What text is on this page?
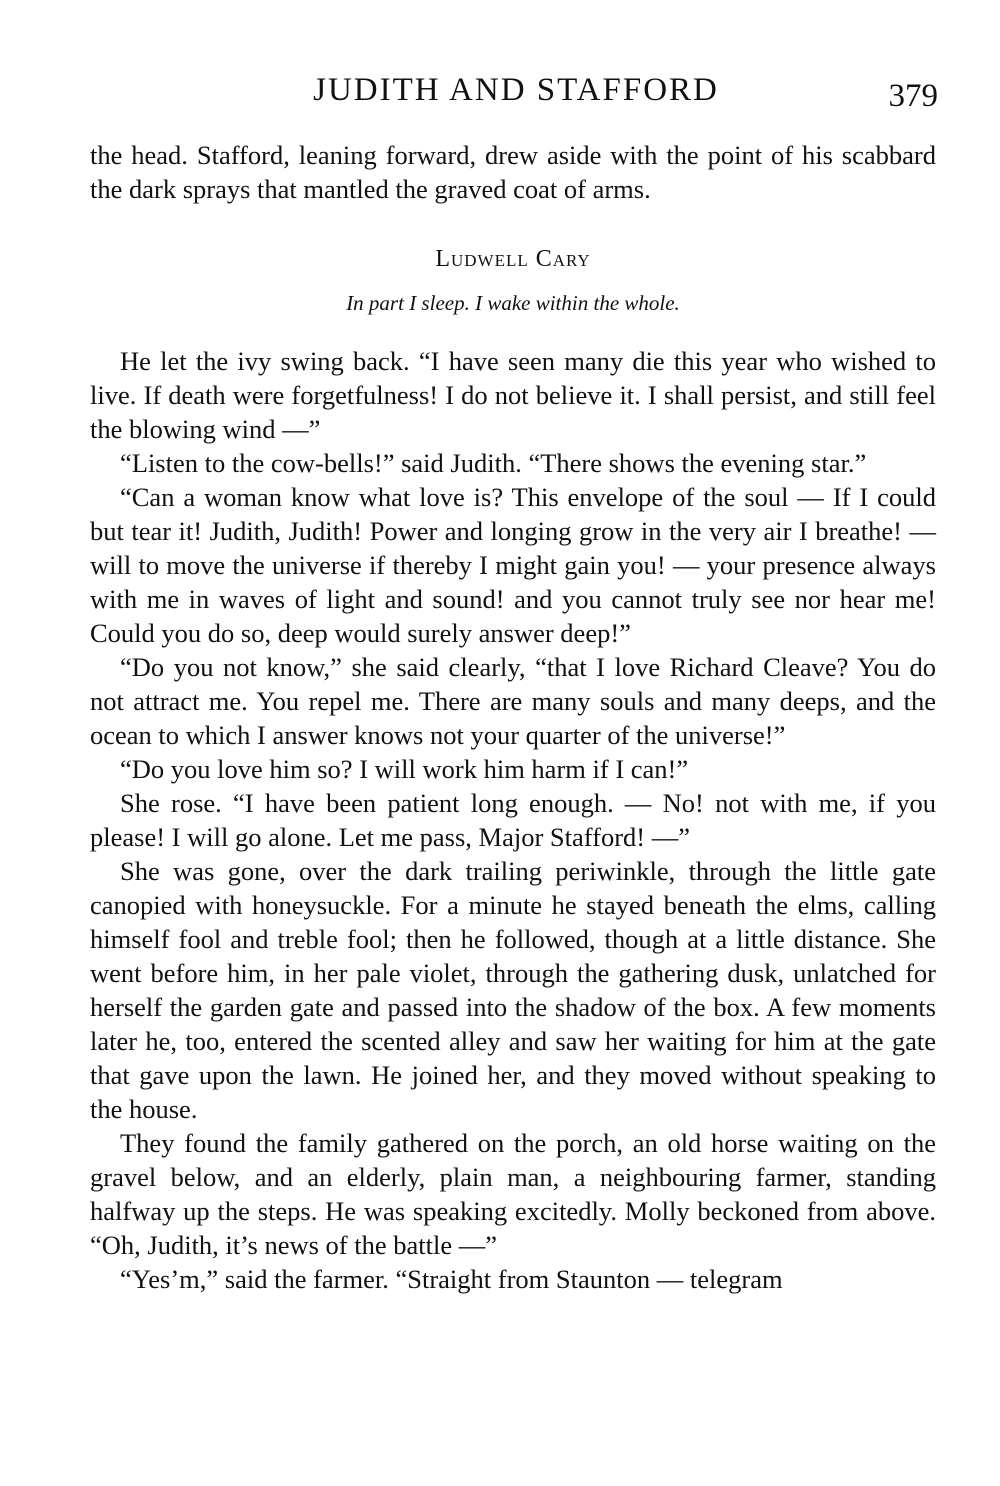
JUDITH AND STAFFORD	379

the head. Stafford, leaning forward, drew aside with the point of his scabbard the dark sprays that mantled the graved coat of arms.

Ludwell Cary
In part I sleep. I wake within the whole.

He let the ivy swing back. “I have seen many die this year who wished to live. If death were forgetfulness! I do not believe it. I shall persist, and still feel the blowing wind —”

“Listen to the cow-bells!” said Judith. “There shows the evening star.”

“Can a woman know what love is? This envelope of the soul — If I could but tear it! Judith, Judith! Power and longing grow in the very air I breathe! — will to move the universe if thereby I might gain you! — your presence always with me in waves of light and sound! and you cannot truly see nor hear me! Could you do so, deep would surely answer deep!”

“Do you not know,” she said clearly, “that I love Richard Cleave? You do not attract me. You repel me. There are many souls and many deeps, and the ocean to which I answer knows not your quarter of the universe!”

“Do you love him so? I will work him harm if I can!”

She rose. “I have been patient long enough. — No! not with me, if you please! I will go alone. Let me pass, Major Stafford! —”

She was gone, over the dark trailing periwinkle, through the little gate canopied with honeysuckle. For a minute he stayed beneath the elms, calling himself fool and treble fool; then he followed, though at a little distance. She went before him, in her pale violet, through the gathering dusk, unlatched for herself the garden gate and passed into the shadow of the box. A few moments later he, too, entered the scented alley and saw her waiting for him at the gate that gave upon the lawn. He joined her, and they moved without speaking to the house.

They found the family gathered on the porch, an old horse waiting on the gravel below, and an elderly, plain man, a neighbouring farmer, standing halfway up the steps. He was speaking excitedly. Molly beckoned from above. “Oh, Judith, it’s news of the battle —”

“Yes’m,” said the farmer. “Straight from Staunton — telegram
